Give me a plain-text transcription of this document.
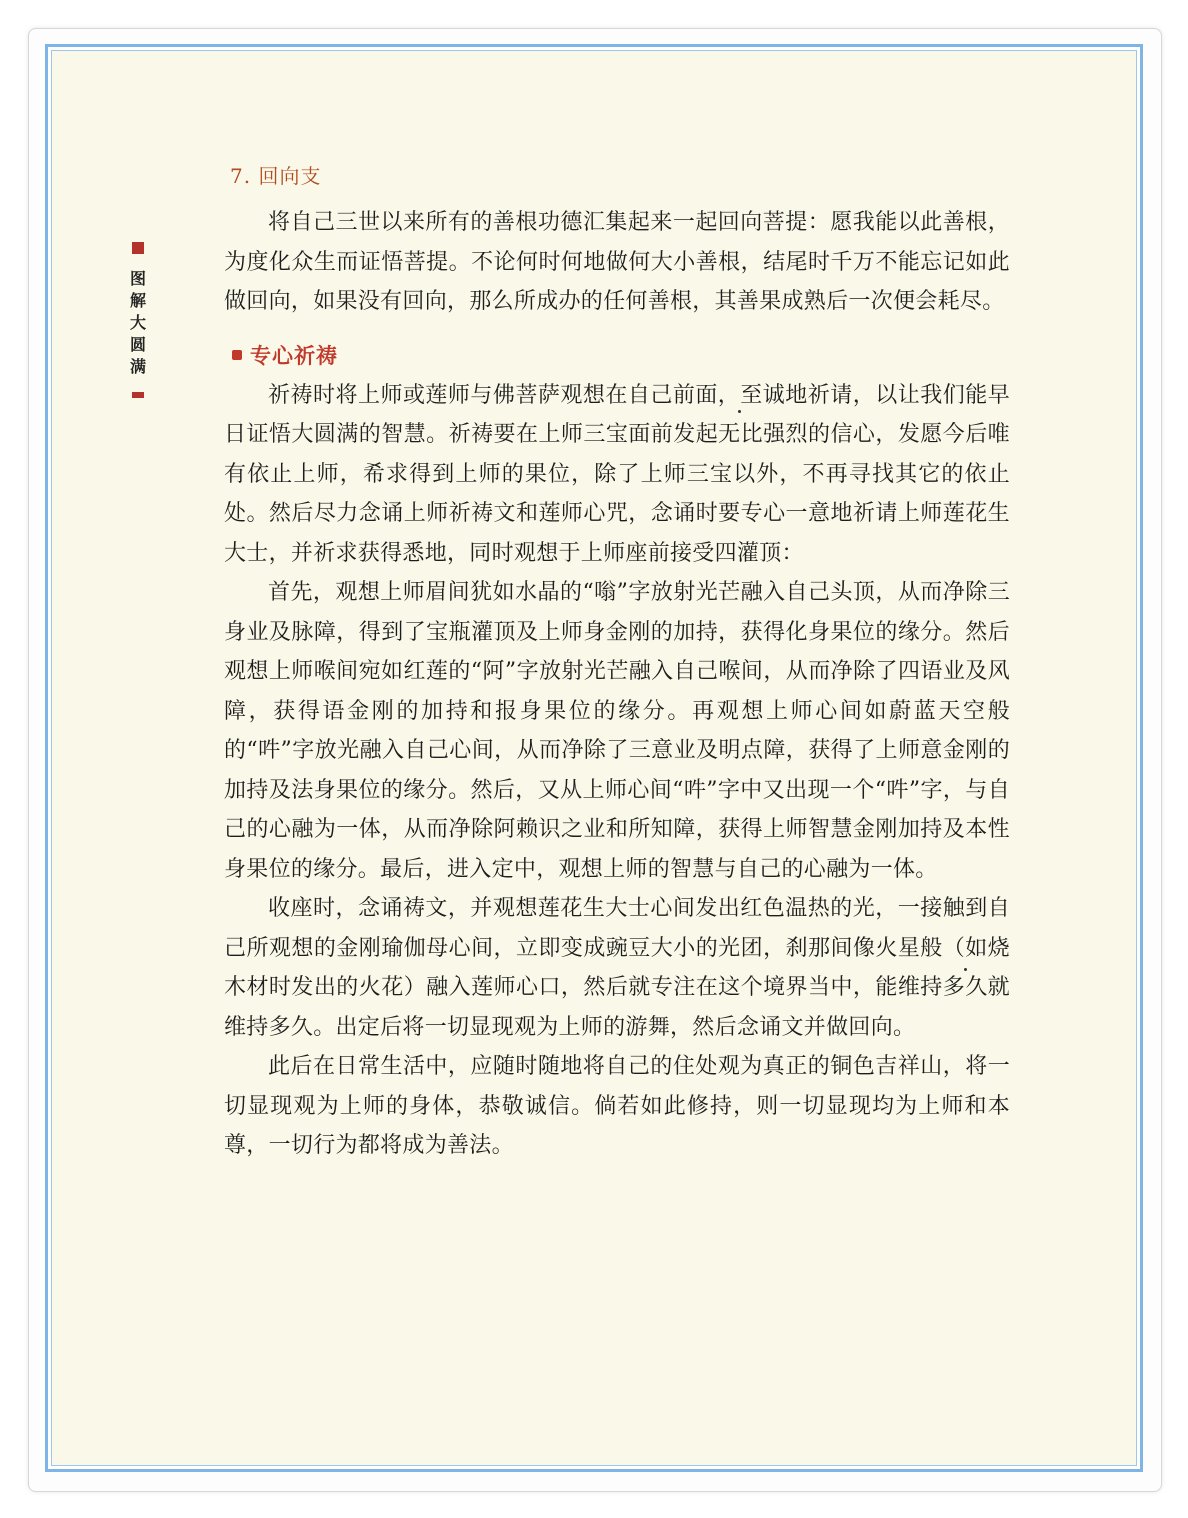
图解大圆满
7. 回向支

将自己三世以来所有的善根功德汇集起来一起回向菩提：愿我能以此善根，为度化众生而证悟菩提。不论何时何地做何大小善根，结尾时千万不能忘记如此做回向，如果没有回向，那么所成办的任何善根，其善果成熟后一次便会耗尽。

专心祈祷

祈祷时将上师或莲师与佛菩萨观想在自己前面，至诚地祈请，以让我们能早日证悟大圆满的智慧。祈祷要在上师三宝面前发起无比强烈的信心，发愿今后唯有依止上师，希求得到上师的果位，除了上师三宝以外，不再寻找其它的依止处。然后尽力念诵上师祈祷文和莲师心咒，念诵时要专心一意地祈请上师莲花生大士，并祈求获得悉地，同时观想于上师座前接受四灌顶：

首先，观想上师眉间犹如水晶的“嗡”字放射光芒融入自己头顶，从而净除三身业及脉障，得到了宝瓶灌顶及上师身金刚的加持，获得化身果位的缘分。然后观想上师喉间宛如红莲的“阿”字放射光芒融入自己喉间，从而净除了四语业及风障，获得语金刚的加持和报身果位的缘分。再观想上师心间如蔚蓝天空般的“吽”字放光融入自己心间，从而净除了三意业及明点障，获得了上师意金刚的加持及法身果位的缘分。然后，又从上师心间“吽”字中又出现一个“吽”字，与自己的心融为一体，从而净除阿赖识之业和所知障，获得上师智慧金刚加持及本性身果位的缘分。最后，进入定中，观想上师的智慧与自己的心融为一体。

收座时，念诵祷文，并观想莲花生大士心间发出红色温热的光，一接触到自己所观想的金刚瑜伽母心间，立即变成豌豆大小的光团，刹那间像火星般（如烧木材时发出的火花）融入莲师心口，然后就专注在这个境界当中，能维持多久就维持多久。出定后将一切显现观为上师的游舞，然后念诵文并做回向。

此后在日常生活中，应随时随地将自己的住处观为真正的铜色吉祥山，将一切显现观为上师的身体，恭敬诚信。倘若如此修持，则一切显现均为上师和本尊，一切行为都将成为善法。
